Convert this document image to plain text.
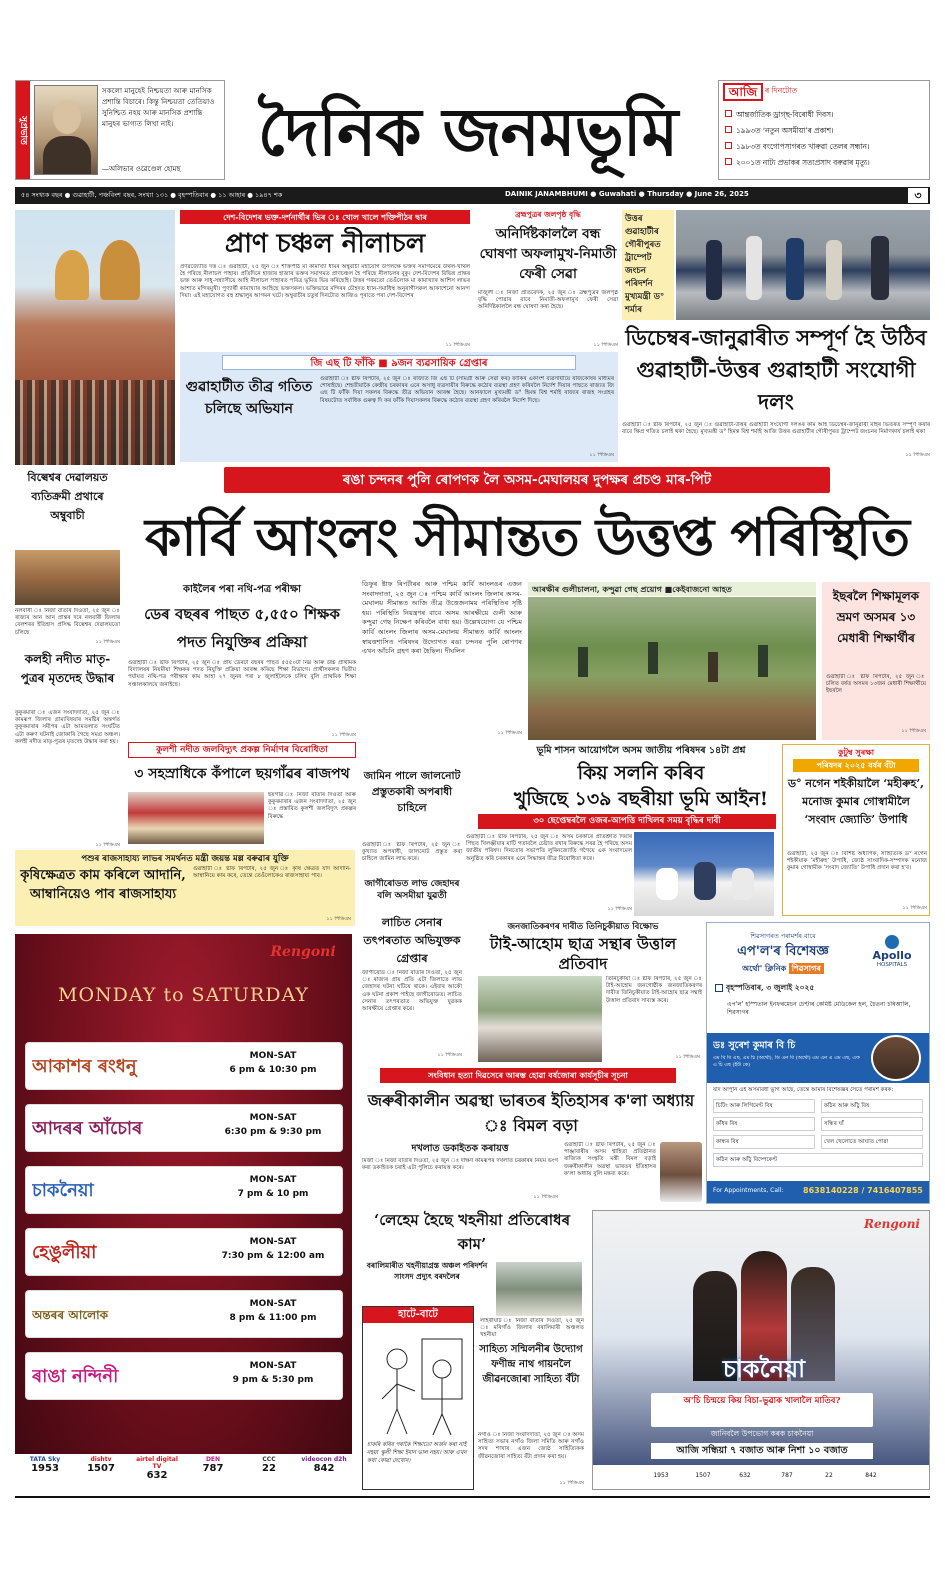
সুপ্ৰভাত
সকলো মানুহেই নিশ্চয়তা আৰু মানসিক প্ৰশান্তি বিচাৰে। কিন্তু নিশ্চয়তা তেতিয়াও সুনিশ্চিত নহয় আৰু মানসিক প্ৰশান্তি মানুহৰ ভাগ্যত লিখা নাই।
—অলিভাৰ ওৱেণ্ডেল হোমছ	দৈনিক জনমভূমি
আজি	ৰ দিনটোত
আন্তৰ্জাতিক ড্ৰাগ্‌ছ-বিৰোধী দিবস।
১৯৯৩ত ‘নতুন অসমীয়া’ৰ প্ৰকাশ।
১৯৮৩ত বংগোপসাগৰত খাৰুৱা তেলৰ সন্ধান।
২০০১ত নাট্য প্ৰভাকৰ সত্যপ্ৰসাদ বৰুৱাৰ মৃত্যু।
৫৪ সংখ্যক বছৰ ● গুৱাহাটী, পঞ্চবিংশ বছৰ, সংখ্যা ১৩১ ● বৃহস্পতিবাৰ ● ১১ আহাৰ ● ১৯৪৭ শক	DAINIK JANAMBHUMI ● Guwahati ● Thursday ● June 26, 2025	৩
দেশ-বিদেশৰ ভক্ত-দৰ্শনাৰ্থীৰ ভিৰ ঃ খোল খালে শক্তিপীঠৰ দ্বাৰ
প্ৰাণ চঞ্চল নীলাচল
প্ৰণৱজ্যোতি দত্ত ঃ গুৱাহাটী, ২৫ জুন ঃ শক্তিপীঠ মা কামাখ্যা ধামৰ অম্বুবাচী মহাযোগ উপলক্ষে ভক্তৰ সমাগমেৰে উথল-খাথল হৈ পৰিছে নীলাচল পাহাৰ। প্ৰতিদিনে হাজাৰ হাজাৰ ভক্তৰ সমাগমত প্ৰাণচঞ্চল হৈ পৰিছে নীলাচলৰ বুকু। দেশ-বিদেশৰ বিভিন্ন প্ৰান্তৰ ভক্ত আৰু সাধু-সন্ন্যাসীয়ে আহি নীলাচল পাহাৰত পবিত্ৰ ভূমিত ভিৰ কৰিছেহি। উত্তৰ গৰমতো তেওঁলোক মা কামাখ্যাৰ আশিস লাভৰ আশাত মন্দিৰমুখী। পুণ্যাৰ্থী কামাখ্যাৰ আহিছে ভক্তসকল। ভক্তিভাৱে মন্দিৰৰ চৌহদত ধ্যান-সমাধিস্থ অনুৰাগীসকল আকাশেনো আনন্দ দিয়া। এই মহাযোগত বহু শ্ৰদ্ধালুৰ আগমন ঘটে। অম্বুবাচীৰ চতুৰ্থ দিনটোত আজিও পূৰাতে পৰা দেশ-বিদেশৰ
১১ পিডিএম
ব্ৰহ্মপুত্ৰৰ জলপৃষ্ঠ বৃদ্ধি
অনিৰ্দিষ্টকাললৈ বন্ধ ঘোষণা অফলামুখ-নিমাতী ফেৰী সেৱা
মাজুলী ঃ নিজা প্ৰতিবেদক, ২৫ জুন ঃ ব্ৰহ্মপুত্ৰৰ জলপৃষ্ঠ বৃদ্ধি পোৱাৰ বাবে নিমাতী-অফলামুখ ফেৰী সেৱা অনিৰ্দিষ্টকাললৈ বন্ধ ঘোষণা কৰা হৈছে।
১১ পিডিএম
উত্তৰ গুৱাহাটীৰ গৌৰীপুৰত ট্ৰাম্পেট জংচন পৰিদৰ্শন মুখ্যমন্ত্ৰী ড° শৰ্মাৰ
ডিচেম্বৰ-জানুৱাৰীত সম্পূৰ্ণ হৈ উঠিব গুৱাহাটী-উত্তৰ গুৱাহাটী সংযোগী দলং
গুৱাহাটী ঃ ষ্টাফ ৰিপৰ্টাৰ, ২৫ জুন ঃ গুৱাহাটী-উত্তৰ গুৱাহাটী সংযোগী দলঙৰ কাম আহ ডিচেম্বৰ-জানুৱাৰী মাহৰ ভিতৰত সম্পূৰ্ণ কৰাৰ বাবে ক্ষিপ্ৰ গতিত চলাই থকা হৈছে। মুখ্যমন্ত্ৰী ড° হিমন্ত বিশ্ব শৰ্মাই আজি উত্তৰ গুৱাহাটীৰ গৌৰীপুৰত ট্ৰাম্পেট জংচনৰ নিৰ্মাণকাৰ্য চলাই থকা
১১ পিডিএম
জি এছ টি ফাঁকি ■ ৯জন ব্যৱসায়িক গ্ৰেপ্তাৰ
গুৱাহাটীত তীব্ৰ গতিত চলিছে অভিযান
গুৱাহাটী ঃ ষ্টাফ ৰিপৰ্টাৰ, ২৫ জুন ঃ ৰাজ্যত জি এছ টি (সামগ্ৰী আৰু সেৱা কৰ) ফাঁকিৰ একাংশ ব্যৱসায়ীয়ে ৰাজকোষৰ মাধ্যমৰ শোষাইছে। শেহতীয়াকৈ কেন্দ্ৰীয় চৰকাৰৰ এনে অসাধু ব্যৱসায়ীৰ বিৰুদ্ধে কঠোৰ ব্যৱস্থা গ্ৰহণ কৰিবলৈ নিৰ্দেশ দিয়াৰ পাছতে ৰাজ্যত জি এছ টি ফাঁকি দিয়া সকলৰ বিৰুদ্ধে তীব্ৰ অভিযান আৰম্ভ হৈছে। আনফালে মুখ্যমন্ত্ৰী ড° হিমন্ত বিশ্ব শৰ্মাই ৰাজ্যৰ ৰাজহ সংগ্ৰহৰ বিষয়টোত সৰ্বাধিক গুৰুত্ব দি কৰ ফাঁকি দিয়াসকলৰ বিৰুদ্ধে কঠোৰ ব্যৱস্থা গ্ৰহণ কৰিবলৈ নিৰ্দেশ দিছে।
১১ পিডিএম
ৰঙা চন্দনৰ পুলি ৰোপণক লৈ অসম-মেঘালয়ৰ দুপক্ষৰ প্ৰচণ্ড মাৰ-পিট
কাৰ্বি আংলং সীমান্তত উত্তপ্ত পৰিস্থিতি
বিল্বেশ্বৰ দেৱালয়ত ব্যতিক্ৰমী প্ৰথাৰে অম্বুবাচী
নলবাৰী ঃ নিজা বাতৰি দিওঁতা, ২৫ জুন ঃ ৰাজ্যৰ আন আন প্ৰান্তৰ দৰে নলবাৰী জিলাৰ বেলশৰৰ ইতিহাস প্ৰসিদ্ধ বিল্বেশ্বৰ দেৱালয়তো চলিছে
১১ পিডিএম
কলহী নদীত মাতৃ-পুত্ৰৰ মৃতদেহ উদ্ধাৰ
কুকুৰমাৰা ঃ এজন সংবাদদাতা, ২৫ জুন ঃ কামৰূপ জিলাৰ গ্ৰাম্যবিষয়াৰ সমষ্টিৰ অন্তৰ্গত কুকুৰমাৰাৰ সমীপৰ এটা আমতলাত সংঘটিত এটা কৰুণ ঘটনাই জোকাৰি গৈছে সমগ্ৰ অঞ্চল। কলহী নদীত মাতৃ-পুত্ৰৰ মৃতদেহ উদ্ধাৰ কৰা হয়।
১১ পিডিএম
কাইলৈৰ পৰা নথি-পত্ৰ পৰীক্ষা
ডেৰ বছৰৰ পাছত ৫,৫৫০ শিক্ষক পদত নিযুক্তিৰ প্ৰক্ৰিয়া
গুৱাহাটী ঃ ষ্টাফ ৰিপৰ্টাৰ, ২৫ জুন ঃ প্ৰায় ডেৰটা বছৰৰ পাছত ৫৫৫০টা নিম্ন আৰু উচ্চ প্ৰাথমিক বিদ্যালয়ৰ নিয়মীয়া শিক্ষকৰ পদত নিযুক্তি প্ৰক্ৰিয়া আৰম্ভ কৰিছে শিক্ষা বিভাগে। প্ৰাৰ্থীসকলৰ দ্বিতীয় পৰ্যায়ত নথি-পত্ৰ পৰীক্ষাৰ কাম আহা ২৭ জুনৰ পৰা ৮ জুলাইলৈকে চলিব বুলি প্ৰাথমিক শিক্ষা সঞ্চালকালয়ে জনাইছে।
১১ পিডিএম
ডিফুৰ ষ্টাফ ৰিপৰ্টাৰৰ আৰু পশ্চিম কাৰ্বি আংলঙৰ এজন সংবাদদাতা, ২৫ জুন ঃ পশ্চিম কাৰ্বি আংলং জিলাৰ অসম-মেঘালয় সীমান্তত আজি তীব্ৰ উত্তেজনাময় পৰিস্থিতিৰ সৃষ্টি হয়। পৰিস্থিতি নিয়ন্ত্ৰণৰ বাবে অসম আৰক্ষীয়ে গুলী আৰু কন্দুৱা গেছ নিক্ষেপ কৰিবলৈ বাধ্য হয়। উল্লেখযোগ্য যে পশ্চিম কাৰ্বি আংলং জিলাৰ অসম-মেঘালয় সীমান্তত কাৰ্বি আংলং স্বায়ত্তশাসিত পৰিষদৰ উদ্যোগত ৰঙা চন্দনৰ পুলি ৰোপণৰ এখন আঁচনি গ্ৰহণ কৰা হৈছিল। দীঘলিন
১১ পিডিএম
আৰক্ষীৰ গুলীচালনা, কন্দুৱা গেছ প্ৰয়োগ ■কেইবাজনো আহত	ইছৰলৈ শিক্ষামূলক ভ্ৰমণ অসমৰ ১৩ মেধাৰী শিক্ষাৰ্থীৰ
গুৱাহাটী ঃ ষ্টাফ ৰিপৰ্টাৰ, ২৫ জুন ঃ চলিত বৰ্ষত অসমৰ ১৩জন মেধাৰী শিক্ষাৰ্থীয়ে ইছৰলৈ
১১ পিডিএম
কুলশী নদীত জলবিদ্যুৎ প্ৰকল্প নিৰ্মাণৰ বিৰোধিতা
৩ সহস্ৰাধিকে কঁপালে ছয়গাঁৱৰ ৰাজপথ
ছয়গাঁৱ ঃ নিজা বাতৰি দিওঁতা আৰু কুকুৰমাৰাৰ এজন সংবাদদাতা, ২৫ জুন ঃ প্ৰস্তাবিত কুলশী জলবিদ্যুৎ প্ৰকল্পৰ বিৰুদ্ধে
জামিন পালে জালনোট প্ৰস্তুতকাৰী অপৰাধী চাহিলে
গুৱাহাটী ঃ ষ্টাফ ৰিপৰ্টাৰ, ২৫ জুন ঃ কুখ্যাত অপৰাধী, জালনোট প্ৰস্তুত কৰা চাহিলে জামিন লাভ কৰে।
ভূমি শাসন আয়োগলৈ অসম জাতীয় পৰিষদৰ ১৪টা প্ৰশ্ন
কিয় সলনি কৰিব
খুজিছে ১৩৯ বছৰীয়া ভূমি আইন!
৩০ ছেপ্তেম্বৰলৈ ওজৰ-আপত্তি দাখিলৰ সময় বৃদ্ধিৰ দাবী
গুৱাহাটী ঃ ষ্টাফ ৰিপৰ্টাৰ, ২৫ জুন ঃ অসম চৰকাৰে প্ৰতিশ্ৰুতি দিয়াৰ পিছত খিলঞ্জীয়াৰ মাটি গতাবলৈ চেষ্টাত ৰখাৰ বিৰুদ্ধে সৰৱ হৈ পৰিছে অসম জাতীয় পৰিষদ। দিনতোৰ সভাপতি লুৰিনজ্যোতি গগৈয়ে এক সংবাদমেল অনুষ্ঠিত কৰি চৰকাৰৰ এনে সিদ্ধান্তৰ তীব্ৰ বিৰোধিতা কৰে।
১১ পিডিএম
কুটুম্ব সুৰক্ষা
পৰিষদৰ ২০২৫ বৰ্ষৰ বঁটা
ড° নগেন শইকীয়ালৈ ‘মহীৰুহ’, মনোজ কুমাৰ গোস্বামীলৈ ‘সংবাদ জ্যোতি’ উপাধি
গুৱাহাটী, ২৫ জুন ঃ বিশিষ্ট অধ্যাপক, সাহিত্যিক ড° নগেন শইকীয়াক ‘মহীৰুহ’ উপাধি, জ্যেষ্ঠ সাংবাদিক-সম্পাদক মনোজ কুমাৰ গোস্বামীক ‘সংবাদ জ্যোতি’ উপাধি প্ৰদান কৰা হ'ব।
১১ পিডিএম
পশুৰ ৰাজসাহায্য লাভৰ সমৰ্থনত মন্ত্ৰী জয়ন্ত মল্ল বৰুৱাৰ যুক্তি
কৃষিক্ষেত্ৰত কাম কৰিলে আদানি, আম্বানিয়েও পাব ৰাজসাহায্য
গুৱাহাটী ঃ ষ্টাফ ৰিপৰ্টাৰ, ২৫ জুন ঃ কৃষি ক্ষেত্ৰত যদি আদানি-আম্বানিয়ে কাম কৰে, তেন্তে তেওঁলোকেও ৰাজসাহায্য পাব।
১১ পিডিএম
জাগীৰোডত লাভ জেহাদৰ বলি অসমীয়া যুৱতী
লাচিত সেনাৰ তৎপৰতাত অভিযুক্তক গ্ৰেপ্তাৰ
জাগীৰোড ঃ নিজা বাতৰি দিওঁতা, ২৫ জুন ঃ ৰাজ্যৰ প্ৰায় প্ৰতি এটা জিলাতে লাভ জেহাদৰ ঘটনা ঘটিয়ে থাকে। এইবাৰ আকৌ এক ঘটনা প্ৰকাশ পাইছে জাগীৰোডত। লাচিত সেনাৰ তৎপৰতাত অভিযুক্ত যুৱকক আৰক্ষীয়ে গ্ৰেপ্তাৰ কৰে।
১১ পিডিএম
জনজাতিকৰণৰ দাবীত তিনিচুকীয়াত বিক্ষোভ
টাই-আহোম ছাত্ৰ সন্থাৰ উত্তাল প্ৰতিবাদ
তিনিচুকীয়া ঃ ষ্টাফ ৰিপৰ্টাৰ, ২৫ জুন ঃ টাই-আহোম জনগোষ্ঠীক জনজাতিকৰণৰ দাবীত তিনিচুকীয়াত টাই-আহোম ছাত্ৰ সন্থাই উত্তাল প্ৰতিবাদ সাব্যস্ত কৰে।
১১ পিডিএম
শিৱসাগৰত পৰামৰ্শৰ বাবে
এপ'ল'ৰ বিশেষজ্ঞ
অৰ্থো' ক্লিনিক শিৱসাগৰ
Apollo
HOSPITALS
বৃহস্পতিবাৰ, ৩ জুলাই ২০২৫
এপ'ল' হস্পিতাল ইনফৰমেচন চেণ্টাৰ কেমিষ্ট মেডিকেল হল, চৈতন্য চৰিআলি, শিৱসাগৰ
ডঃ সুৰেশ কুমাৰ বি চি
এম বি বি এছ, এম চি (অৰ্থো), ডি এন বি (অৰ্থো) এম এন এ এম এছ, এফ এ চি এছ (ইউ কে)
যদি আপুনি এই অসমবিধা ভুগি আছে, তেন্তে আমাৰ বিশেষজ্ঞৰ সৈতে পৰামৰ্শ কৰক:
চিটিং আৰু লিগিমেণ্ট বিষ	কঠিন আৰু আঁঠু বিষ
কাঁধৰ বিষ	সন্ধিৰ ঘাঁ
কান্ধৰ বিষ	খেল খেলোতে আঘাত পোৱা
কঠিন আৰু আঁঠু বিষ্পেকেণ্ট
For Appointments, Call:	8638140228 / 7416407855
Rengoni
MONDAY to SATURDAY
আকাশৰ ৰংধনু	MON-SAT
6 pm & 10:30 pm
আদৰৰ আঁচোৰ	MON-SAT
6:30 pm & 9:30 pm
চাকনৈয়া	MON-SAT
7 pm & 10 pm
হেঙুলীয়া	MON-SAT
7:30 pm & 12:00 am
অন্তৰৰ আলোক
MON-SAT
8 pm & 11:00 pm
ৰাঙা নন্দিনী	MON-SAT
9 pm & 5:30 pm
TATA Sky
1953
dishtv
1507
airtel digital TV
632
DEN
787
CCC
22
videocon d2h
842
সংবিধান হত্যা দিৱসেৰে আৰম্ভ হোৱা বৰ্ষজোৰা কাৰ্যসূচীৰ সূচনা
জৰুৰীকালীন অৱস্থা ভাৰতৰ ইতিহাসৰ ক'লা অধ্যায় ঃ বিমল বড়া
দখলাত ডকাইতক কৰায়ত্ত
মিৰ্জা ঃ নিজা বাতৰি দিওঁতা, ২৫ জুন ঃ দক্ষিণ কামৰূপৰ দখলাত চৰকাৰৰ নিয়ম ভংগ কৰা ডকাইতক চৰাই এটা পুলিচে কৰায়ত্ত কৰে।
১১ পিডিএম
গুৱাহাটী ঃ ষ্টাফ ৰিপৰ্টাৰ, ২৫ জুন ঃ পাঞ্জাবাৰীৰ অসম শ্বাহিত্য প্ৰতিষ্ঠানত ৰাজ্যিক সংস্কৃতি মন্ত্ৰী বিমল বড়াই জৰুৰীকালীন অৱস্থা ভাৰতৰ ইতিহাসৰ ক'লা অধ্যায় বুলি মন্তব্য কৰে।
‘লেহেম হৈছে খহনীয়া প্ৰতিৰোধৰ কাম’
বৰালিমাৰীত খহনীয়াগ্ৰস্ত অঞ্চল পৰিদৰ্শন সাংসদ প্ৰদ্যুৎ বৰদলৈৰ
লাহৰীঘাট ঃ নিজা বাতৰি দিওঁতা, ২৫ জুন ঃ মৰিগাঁও জিলাৰ বৰালিমাৰী অঞ্চলত খহনীয়া
হাটে-বাটে
চাকৰি কৰিব পৰাকৈ শিক্ষাতো অৰ্জন কৰা নাই নহয়! স্কুলী শিক্ষা ইমান ভাল নহয়। আৰু এখন কথা কোৱা দেখোন।
সাহিত্য সন্মিলনীৰ উদ্যোগ ফণীন্দ্ৰ নাথ গায়নলৈ জীৱনজোৰা সাহিত্য বঁটা
নগাঁও ঃ নিজা সংবাদদাতা, ২৫ জুন ঃ অসম সাহিত্য সভাৰ নগাঁও জিলা সমিতি আৰু নগাঁও সদৰ শাখাৰ এজন জ্যেষ্ঠ সাহিত্যিকক জীৱনজোৰা সাহিত্য বঁটা প্ৰদান কৰা হয়।
১১ পিডিএম
Rengoni
চাকনৈয়া
অ'চি চিন্ময়ে কিয় বিচা-ভুৱাক খালালৈ মাতিব?
জানিবলৈ উপভোগ কৰক চাকনৈয়া
আজি সন্ধিয়া ৭ বজাত আৰু নিশা ১০ বজাত
1953	1507	632	787	22	842
